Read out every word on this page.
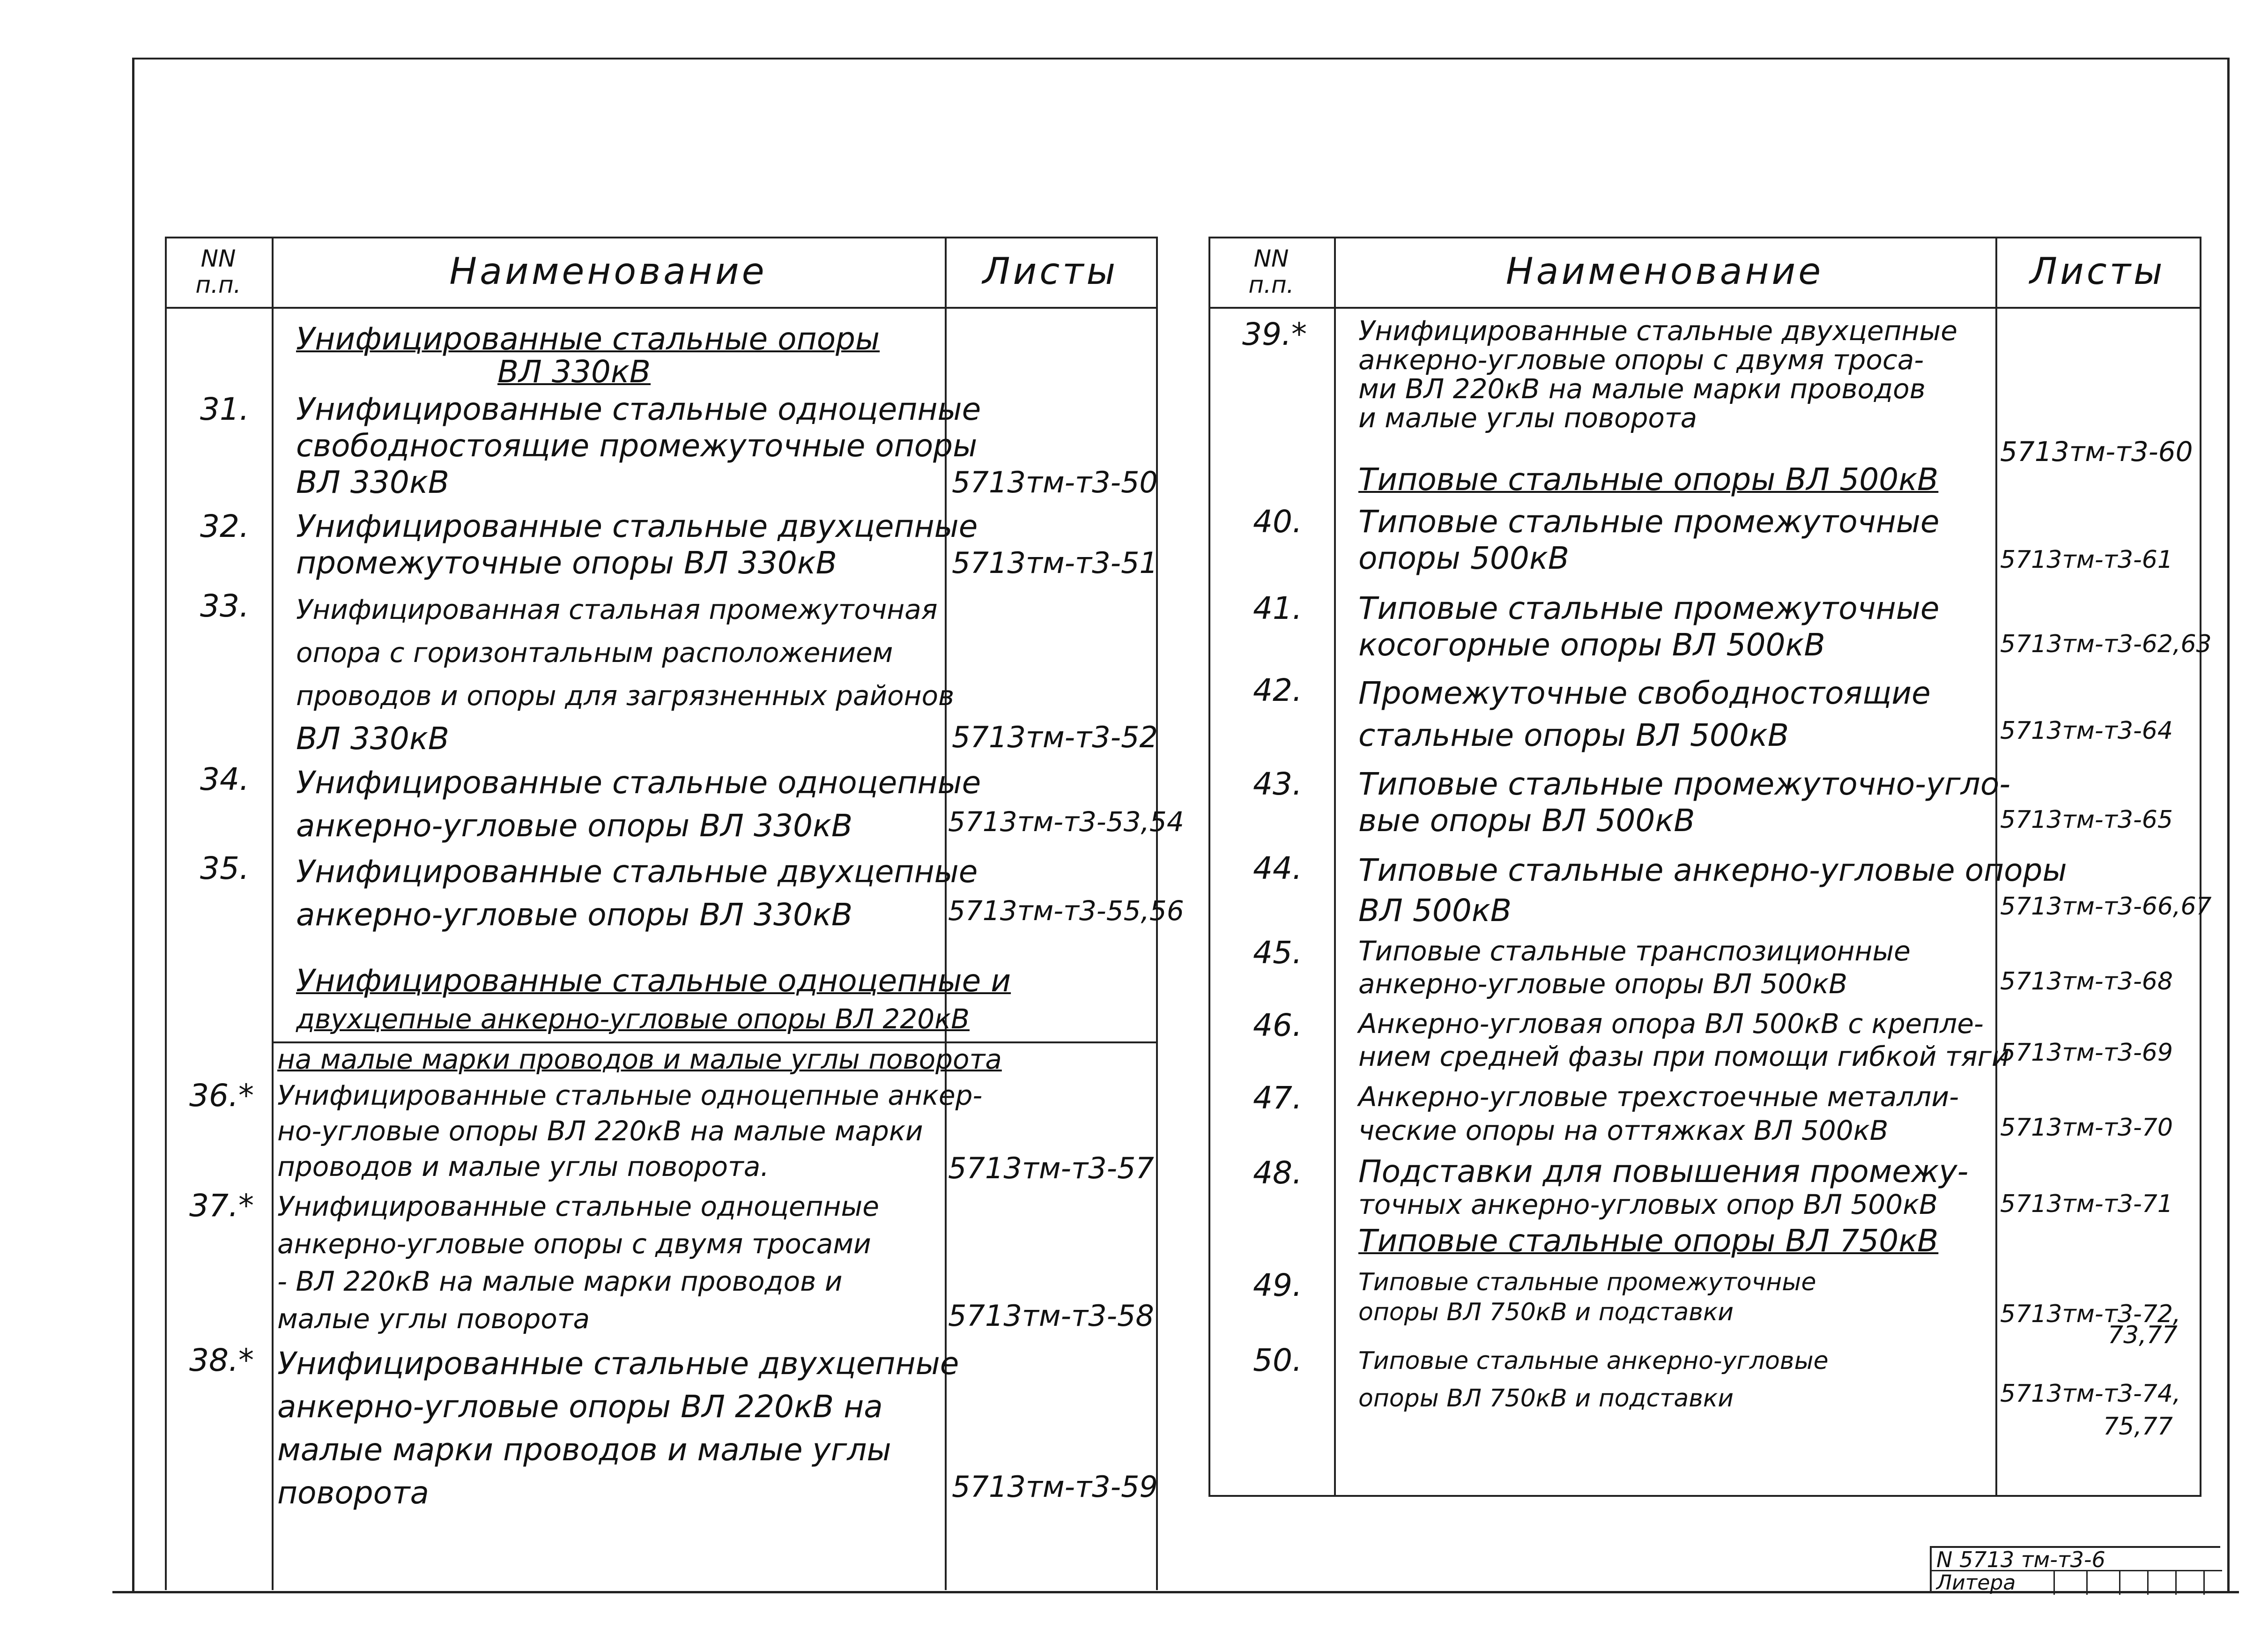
NN
п.п.	Наименование	Листы
Унифицированные стальные опоры
ВЛ 330кВ
31. Унифицированные стальные одноцепные
свободностоящие промежуточные опоры
ВЛ 330кВ	5713тм-т3-50
32. Унифицированные стальные двухцепные
промежуточные опоры ВЛ 330кВ	5713тм-т3-51
33. Унифицированная стальная промежуточная
опора с горизонтальным расположением
проводов и опоры для загрязненных районов
ВЛ 330кВ	5713тм-т3-52
34. Унифицированные стальные одноцепные
анкерно-угловые опоры ВЛ 330кВ	5713тм-т3-53,54
35. Унифицированные стальные двухцепные
анкерно-угловые опоры ВЛ 330кВ	5713тм-т3-55,56
Унифицированные стальные одноцепные и
двухцепные анкерно-угловые опоры ВЛ 220кВ
на малые марки проводов и малые углы поворота
36.* Унифицированные стальные одноцепные анкер-
но-угловые опоры ВЛ 220кВ на малые марки
проводов и малые углы поворота.	5713тм-т3-57
37.* Унифицированные стальные одноцепные
анкерно-угловые опоры с двумя тросами
- ВЛ 220кВ на малые марки проводов и
малые углы поворота	5713тм-т3-58
38.* Унифицированные стальные двухцепные
анкерно-угловые опоры ВЛ 220кВ на
малые марки проводов и малые углы
поворота	5713тм-т3-59
NN
п.п.	Наименование	Листы
39.* Унифицированные стальные двухцепные
анкерно-угловые опоры с двумя троса-
ми ВЛ 220кВ на малые марки проводов
и малые углы поворота
5713тм-т3-60
Типовые стальные опоры ВЛ 500кВ
40. Типовые стальные промежуточные
опоры 500кВ	5713тм-т3-61
41. Типовые стальные промежуточные
косогорные опоры ВЛ 500кВ	5713тм-т3-62,63
42. Промежуточные свободностоящие
стальные опоры ВЛ 500кВ	5713тм-т3-64
43. Типовые стальные промежуточно-угло-
вые опоры ВЛ 500кВ	5713тм-т3-65
44. Типовые стальные анкерно-угловые опоры
ВЛ 500кВ	5713тм-т3-66,67
45. Типовые стальные транспозиционные
анкерно-угловые опоры ВЛ 500кВ	5713тм-т3-68
46. Анкерно-угловая опора ВЛ 500кВ с крепле-
нием средней фазы при помощи гибкой тяги
5713тм-т3-69
47. Анкерно-угловые трехстоечные металли-
ческие опоры на оттяжках ВЛ 500кВ	5713тм-т3-70
48. Подставки для повышения промежу-
точных анкерно-угловых опор ВЛ 500кВ	5713тм-т3-71
Типовые стальные опоры ВЛ 750кВ
49. Типовые стальные промежуточные
опоры ВЛ 750кВ и подставки	5713тм-т3-72,
73,77
50. Типовые стальные анкерно-угловые
опоры ВЛ 750кВ и подставки	5713тм-т3-74,
75,77
N 5713 тм-т3-6
Литера
